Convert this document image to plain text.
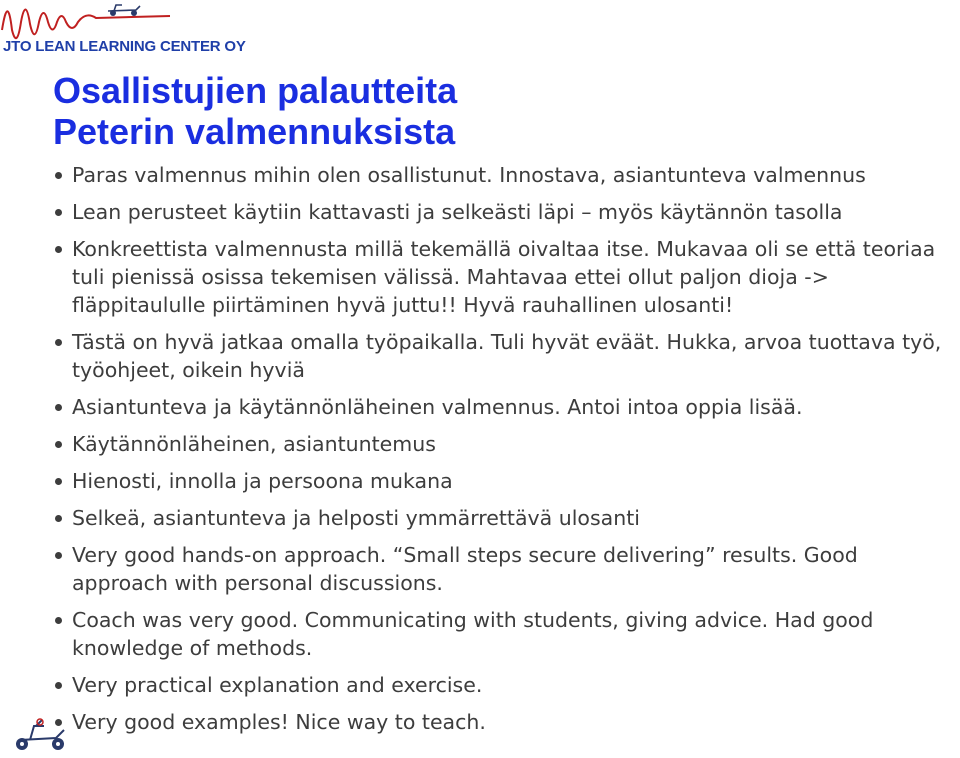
JTO LEAN LEARNING CENTER OY
Osallistujien palautteita
Peterin valmennuksista
Paras valmennus mihin olen osallistunut. Innostava, asiantunteva valmennus
Lean perusteet käytiin kattavasti ja selkeästi läpi – myös käytännön tasolla
Konkreettista valmennusta millä tekemällä oivaltaa itse. Mukavaa oli se että teoriaa tuli pienissä osissa tekemisen välissä. Mahtavaa ettei ollut paljon dioja -> fläppitaululle piirtäminen hyvä juttu!! Hyvä rauhallinen ulosanti!
Tästä on hyvä jatkaa omalla työpaikalla. Tuli hyvät eväät. Hukka, arvoa tuottava työ, työohjeet, oikein hyviä
Asiantunteva ja käytännönläheinen valmennus. Antoi intoa oppia lisää.
Käytännönläheinen, asiantuntemus
Hienosti, innolla ja persoona mukana
Selkeä, asiantunteva ja helposti ymmärrettävä ulosanti
Very good hands-on approach. “Small steps secure delivering” results. Good approach with personal discussions.
Coach was very good. Communicating with students, giving advice. Had good knowledge of methods.
Very practical explanation and exercise.
Very good examples! Nice way to teach.
